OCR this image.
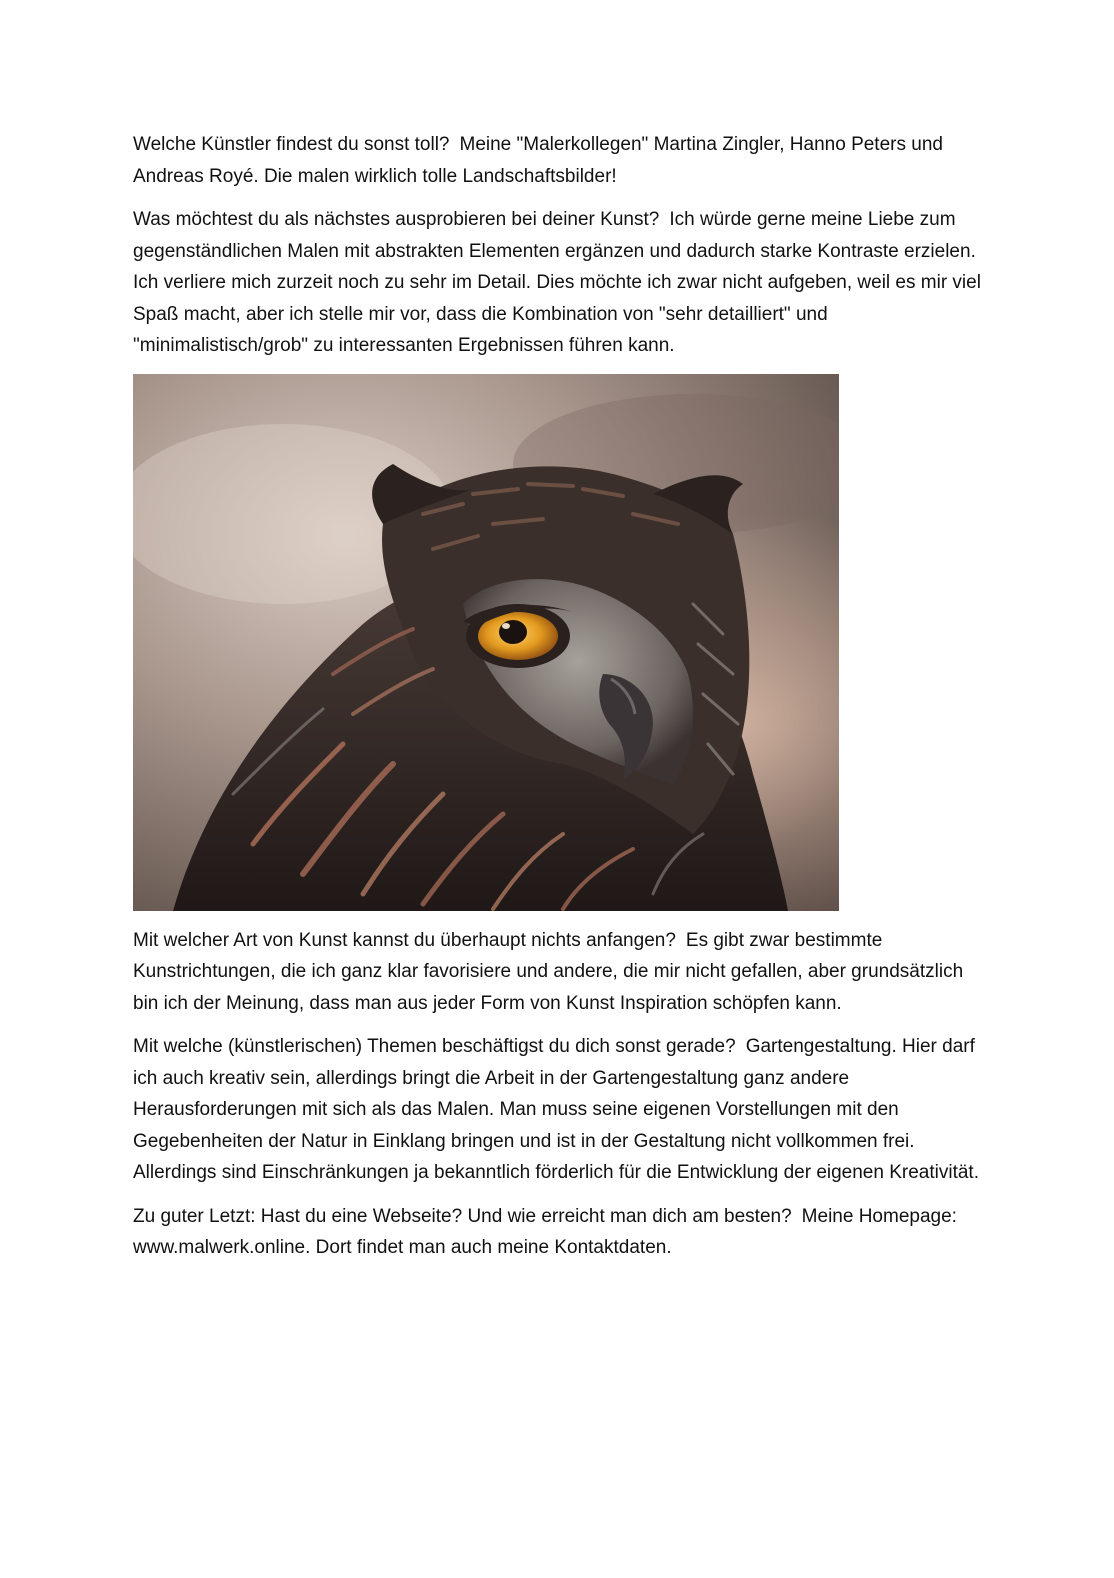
Welche Künstler findest du sonst toll? Meine "Malerkollegen" Martina Zingler, Hanno Peters und Andreas Royé. Die malen wirklich tolle Landschaftsbilder!

Was möchtest du als nächstes ausprobieren bei deiner Kunst? Ich würde gerne meine Liebe zum gegenständlichen Malen mit abstrakten Elementen ergänzen und dadurch starke Kontraste erzielen. Ich verliere mich zurzeit noch zu sehr im Detail. Dies möchte ich zwar nicht aufgeben, weil es mir viel Spaß macht, aber ich stelle mir vor, dass die Kombination von "sehr detailliert" und "minimalistisch/grob" zu interessanten Ergebnissen führen kann.

Mit welcher Art von Kunst kannst du überhaupt nichts anfangen? Es gibt zwar bestimmte Kunstrichtungen, die ich ganz klar favorisiere und andere, die mir nicht gefallen, aber grundsätzlich bin ich der Meinung, dass man aus jeder Form von Kunst Inspiration schöpfen kann.

Mit welche (künstlerischen) Themen beschäftigst du dich sonst gerade? Gartengestaltung. Hier darf ich auch kreativ sein, allerdings bringt die Arbeit in der Gartengestaltung ganz andere Herausforderungen mit sich als das Malen. Man muss seine eigenen Vorstellungen mit den Gegebenheiten der Natur in Einklang bringen und ist in der Gestaltung nicht vollkommen frei. Allerdings sind Einschränkungen ja bekanntlich förderlich für die Entwicklung der eigenen Kreativität.

Zu guter Letzt: Hast du eine Webseite? Und wie erreicht man dich am besten? Meine Homepage: www.malwerk.online. Dort findet man auch meine Kontaktdaten.
